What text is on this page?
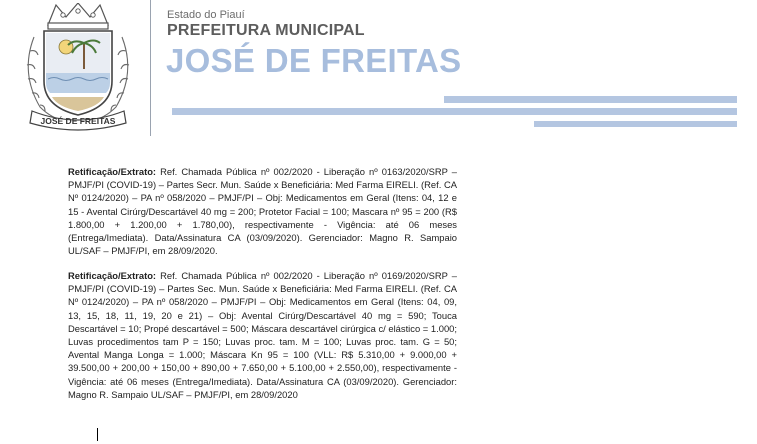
JOSÉ DE FREITAS
Estado do Piauí
PREFEITURA MUNICIPAL
JOSÉ DE FREITAS

Retificação/Extrato: Ref. Chamada Pública nº 002/2020 - Liberação nº 0163/2020/SRP – PMJF/PI (COVID-19) – Partes Secr. Mun. Saúde x Beneficiária: Med Farma EIRELI. (Ref. CA Nº 0124/2020) – PA nº 058/2020 – PMJF/PI – Obj: Medicamentos em Geral (Itens: 04, 12 e 15 - Avental Cirúrg/Descartável 40 mg = 200; Protetor Facial = 100; Mascara nº 95 = 200 (R$ 1.800,00 + 1.200,00 + 1.780,00), respectivamente - Vigência: até 06 meses (Entrega/Imediata). Data/Assinatura CA (03/09/2020). Gerenciador: Magno R. Sampaio UL/SAF – PMJF/PI, em 28/09/2020.

Retificação/Extrato: Ref. Chamada Pública nº 002/2020 - Liberação nº 0169/2020/SRP – PMJF/PI (COVID-19) – Partes Sec. Mun. Saúde x Beneficiária: Med Farma EIRELI. (Ref. CA Nº 0124/2020) – PA nº 058/2020 – PMJF/PI – Obj: Medicamentos em Geral (Itens: 04, 09, 13, 15, 18, 11, 19, 20 e 21) – Obj: Avental Cirúrg/Descartável 40 mg = 590; Touca Descartável = 10; Propé descartável = 500; Máscara descartável cirúrgica c/ elástico = 1.000; Luvas procedimentos tam P = 150; Luvas proc. tam. M = 100; Luvas proc. tam. G = 50; Avental Manga Longa = 1.000; Máscara Kn 95 = 100 (VLL: R$ 5.310,00 + 9.000,00 + 39.500,00 + 200,00 + 150,00 + 890,00 + 7.650,00 + 5.100,00 + 2.550,00), respectivamente - Vigência: até 06 meses (Entrega/Imediata). Data/Assinatura CA (03/09/2020). Gerenciador: Magno R. Sampaio UL/SAF – PMJF/PI, em 28/09/2020
